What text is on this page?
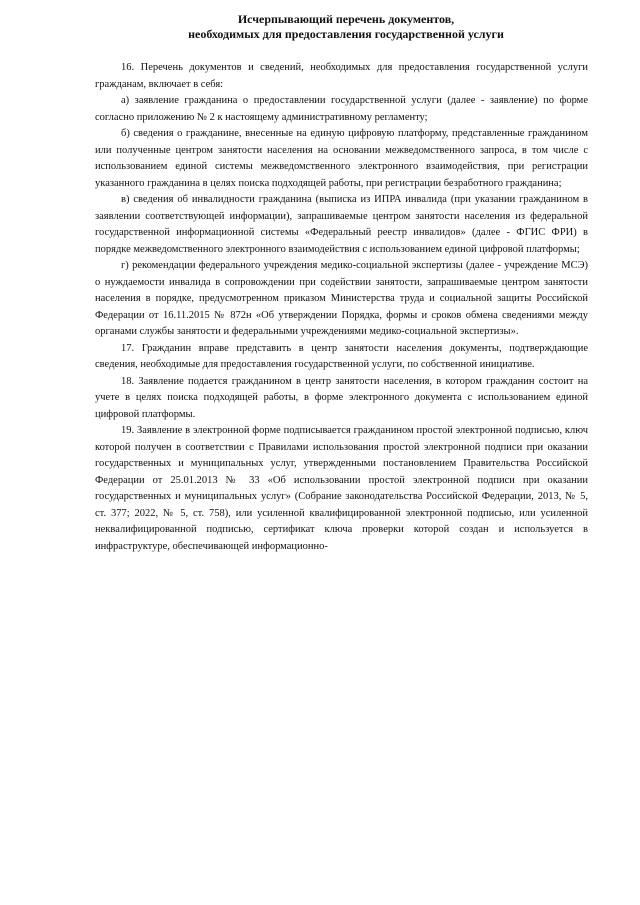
Исчерпывающий перечень документов,
необходимых для предоставления государственной услуги

16. Перечень документов и сведений, необходимых для предоставления государственной услуги гражданам, включает в себя:

а) заявление гражданина о предоставлении государственной услуги (далее - заявление) по форме согласно приложению № 2 к настоящему административному регламенту;

б) сведения о гражданине, внесенные на единую цифровую платформу, представленные гражданином или полученные центром занятости населения на основании межведомственного запроса, в том числе с использованием единой системы межведомственного электронного взаимодействия, при регистрации указанного гражданина в целях поиска подходящей работы, при регистрации безработного гражданина;

в) сведения об инвалидности гражданина (выписка из ИПРА инвалида (при указании гражданином в заявлении соответствующей информации), запрашиваемые центром занятости населения из федеральной государственной информационной системы «Федеральный реестр инвалидов» (далее - ФГИС ФРИ) в порядке межведомственного электронного взаимодействия с использованием единой цифровой платформы;

г) рекомендации федерального учреждения медико-социальной экспертизы (далее - учреждение МСЭ) о нуждаемости инвалида в сопровождении при содействии занятости, запрашиваемые центром занятости населения в порядке, предусмотренном приказом Министерства труда и социальной защиты Российской Федерации от 16.11.2015 № 872н «Об утверждении Порядка, формы и сроков обмена сведениями между органами службы занятости и федеральными учреждениями медико-социальной экспертизы».

17. Гражданин вправе представить в центр занятости населения документы, подтверждающие сведения, необходимые для предоставления государственной услуги, по собственной инициативе.

18. Заявление подается гражданином в центр занятости населения, в котором гражданин состоит на учете в целях поиска подходящей работы, в форме электронного документа с использованием единой цифровой платформы.

19. Заявление в электронной форме подписывается гражданином простой электронной подписью, ключ которой получен в соответствии с Правилами использования простой электронной подписи при оказании государственных и муниципальных услуг, утвержденными постановлением Правительства Российской Федерации от 25.01.2013 № 33 «Об использовании простой электронной подписи при оказании государственных и муниципальных услуг» (Собрание законодательства Российской Федерации, 2013, № 5, ст. 377; 2022, № 5, ст. 758), или усиленной квалифицированной электронной подписью, или усиленной неквалифицированной подписью, сертификат ключа проверки которой создан и используется в инфраструктуре, обеспечивающей информационно-
